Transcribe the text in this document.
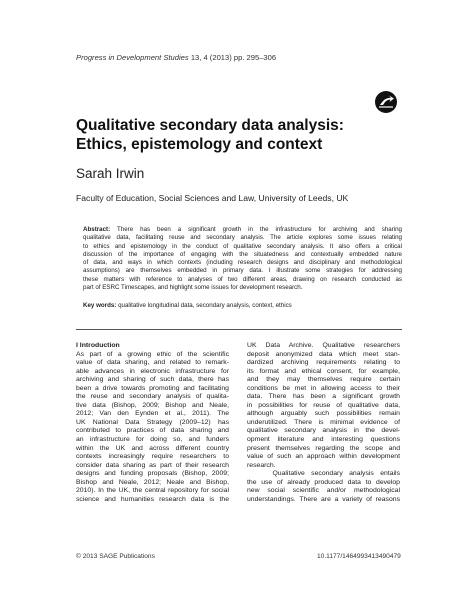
Progress in Development Studies 13, 4 (2013) pp. 295–306
Qualitative secondary data analysis:
Ethics, epistemology and context
Sarah Irwin
Faculty of Education, Social Sciences and Law, University of Leeds, UK
Abstract: There has been a significant growth in the infrastructure for archiving and sharing
qualitative data, facilitating reuse and secondary analysis. The article explores some issues relating
to ethics and epistemology in the conduct of qualitative secondary analysis. It also offers a critical
discussion of the importance of engaging with the situatedness and contextually embedded nature
of data, and ways in which contexts (including research designs and disciplinary and methodological
assumptions) are themselves embedded in primary data. I illustrate some strategies for addressing
these matters with reference to analyses of two different areas, drawing on research conducted as
part of ESRC Timescapes, and highlight some issues for development research.
Key words: qualitative longitudinal data, secondary analysis, context, ethics
I Introduction
As part of a growing ethic of the scientific
value of data sharing, and related to remark-
able advances in electronic infrastructure for
archiving and sharing of such data, there has
been a drive towards promoting and facilitating
the reuse and secondary analysis of qualita-
tive data (Bishop, 2009; Bishop and Neale,
2012; Van den Eynden et al., 2011). The
UK National Data Strategy (2009–12) has
contributed to practices of data sharing and
an infrastructure for doing so, and funders
within the UK and across different country
contexts increasingly require researchers to
consider data sharing as part of their research
designs and funding proposals (Bishop, 2009;
Bishop and Neale, 2012; Neale and Bishop,
2010). In the UK, the central repository for social
science and humanities research data is the
UK Data Archive. Qualitative researchers
deposit anonymized data which meet stan-
dardized archiving requirements relating to
its format and ethical consent, for example,
and they may themselves require certain
conditions be met in allowing access to their
data. There has been a significant growth
in possibilities for reuse of qualitative data,
although arguably such possibilities remain
underutilized. There is minimal evidence of
qualitative secondary analysis in the devel-
opment literature and interesting questions
present themselves regarding the scope and
value of such an approach within development
research.
Qualitative secondary analysis entails
the use of already produced data to develop
new social scientific and/or methodological
understandings. There are a variety of reasons
© 2013 SAGE Publications	10.1177/1464993413490479
